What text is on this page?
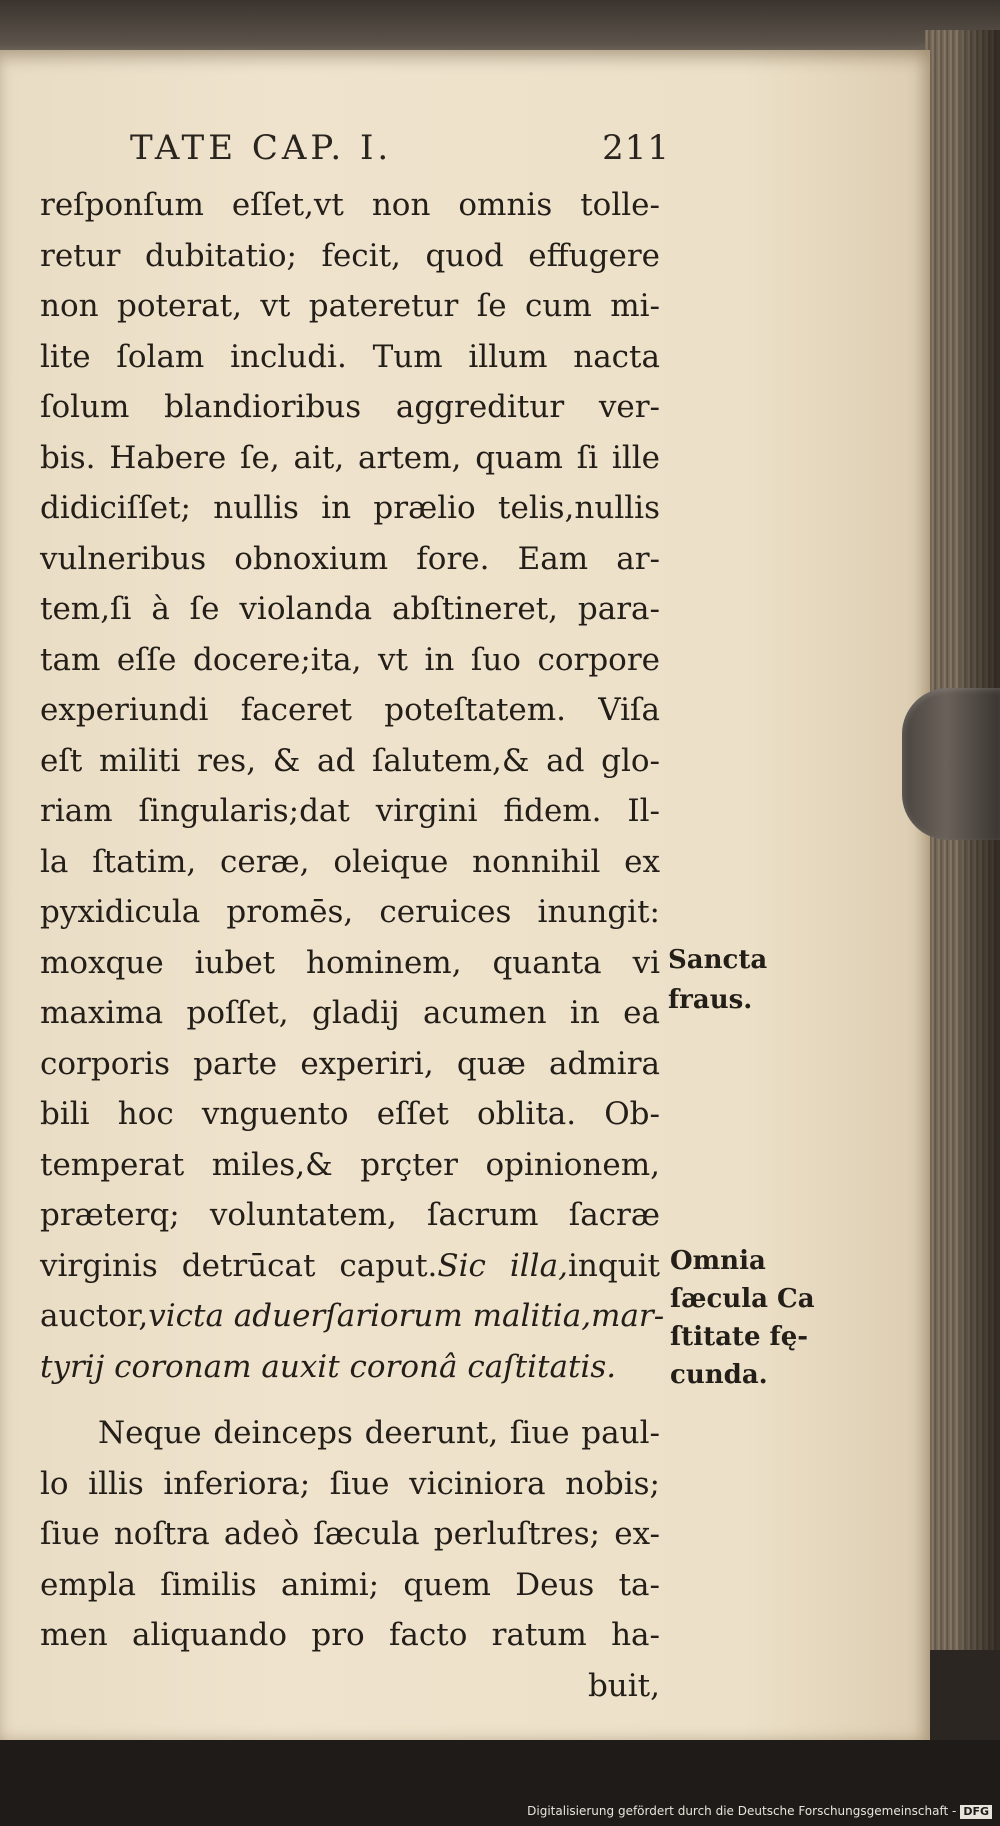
TATE CAP. I.	211
reſponſum eſſet,vt non omnis tolle-
retur dubitatio; fecit, quod effugere
non poterat, vt pateretur ſe cum mi-
lite ſolam includi. Tum illum nacta
ſolum blandioribus aggreditur ver-
bis. Habere ſe, ait, artem, quam ſi ille
didiciſſet; nullis in prælio telis,nullis
vulneribus obnoxium fore. Eam ar-
tem,ſi à ſe violanda abſtineret, para-
tam eſſe docere;ita, vt in ſuo corpore
experiundi faceret poteſtatem. Viſa
eſt militi res, & ad ſalutem,& ad glo-
riam ſingularis;dat virgini fidem. Il-
la ſtatim, ceræ, oleique nonnihil ex
pyxidicula promēs, ceruices inungit:
moxque iubet hominem, quanta vi
maxima poſſet, gladij acumen in ea
corporis parte experiri, quæ admira
bili hoc vnguento eſſet oblita. Ob-
temperat miles,& prçter opinionem,
præterq; voluntatem, ſacrum ſacræ
virginis detrūcat caput.Sic illa,inquit
auctor,victa aduerſariorum malitia,mar-
tyrij coronam auxit coronâ caſtitatis.
Neque deinceps deerunt, ſiue paul-
lo illis inferiora; ſiue viciniora nobis;
ſiue noſtra adeò ſæcula perluſtres; ex-
empla ſimilis animi; quem Deus ta-
men aliquando pro facto ratum ha-
buit,
Sancta
fraus.
Omnia
ſæcula Ca
ſtitate fę-
cunda.
Digitalisierung gefördert durch die Deutsche Forschungsgemeinschaft - DFG
